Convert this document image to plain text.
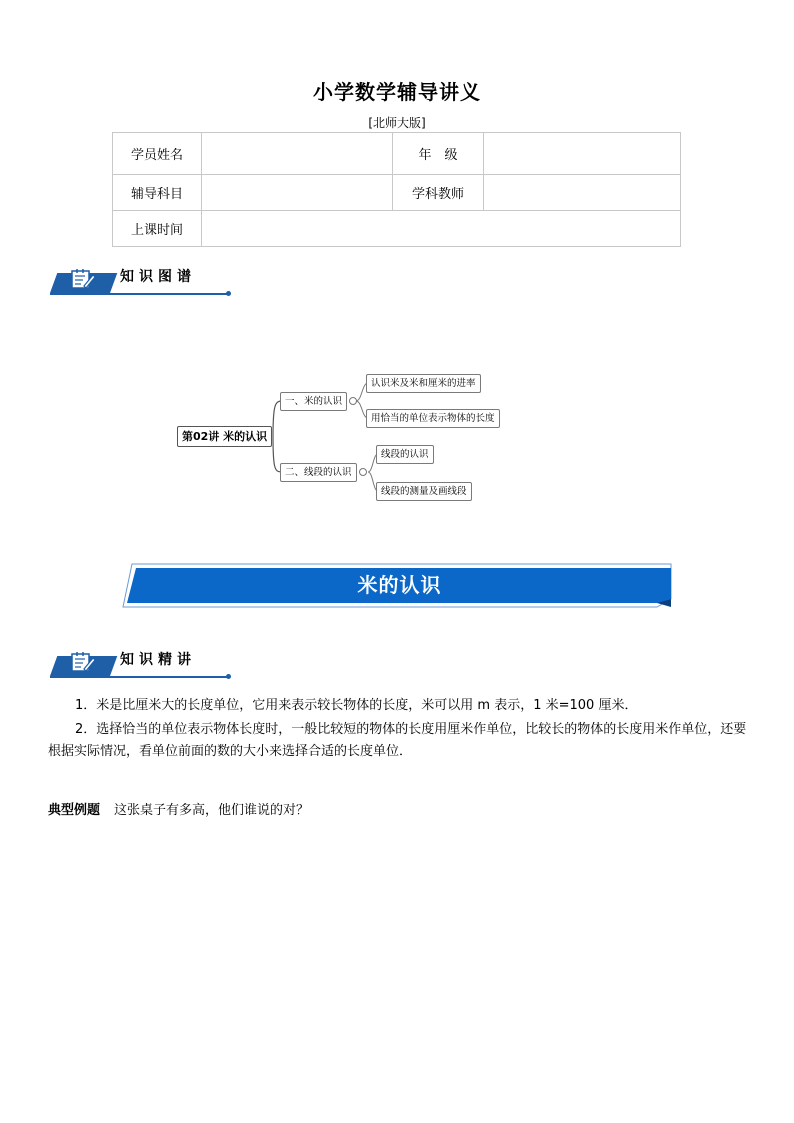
小学数学辅导讲义
[北师大版]
学员姓名		年　级	
辅导科目		学科教师	
上课时间			
知识图谱
第02讲 米的认识
一、米的认识
二、线段的认识
认识米及米和厘米的进率
用恰当的单位表示物体的长度
线段的认识
线段的测量及画线段
米的认识
知识精讲
1．米是比厘米大的长度单位，它用来表示较长物体的长度，米可以用 m 表示，1 米=100 厘米．
2．选择恰当的单位表示物体长度时，一般比较短的物体的长度用厘米作单位，比较长的物体的长度用米作单位，还要根据实际情况，看单位前面的数的大小来选择合适的长度单位．
典型例题 这张桌子有多高，他们谁说的对？
